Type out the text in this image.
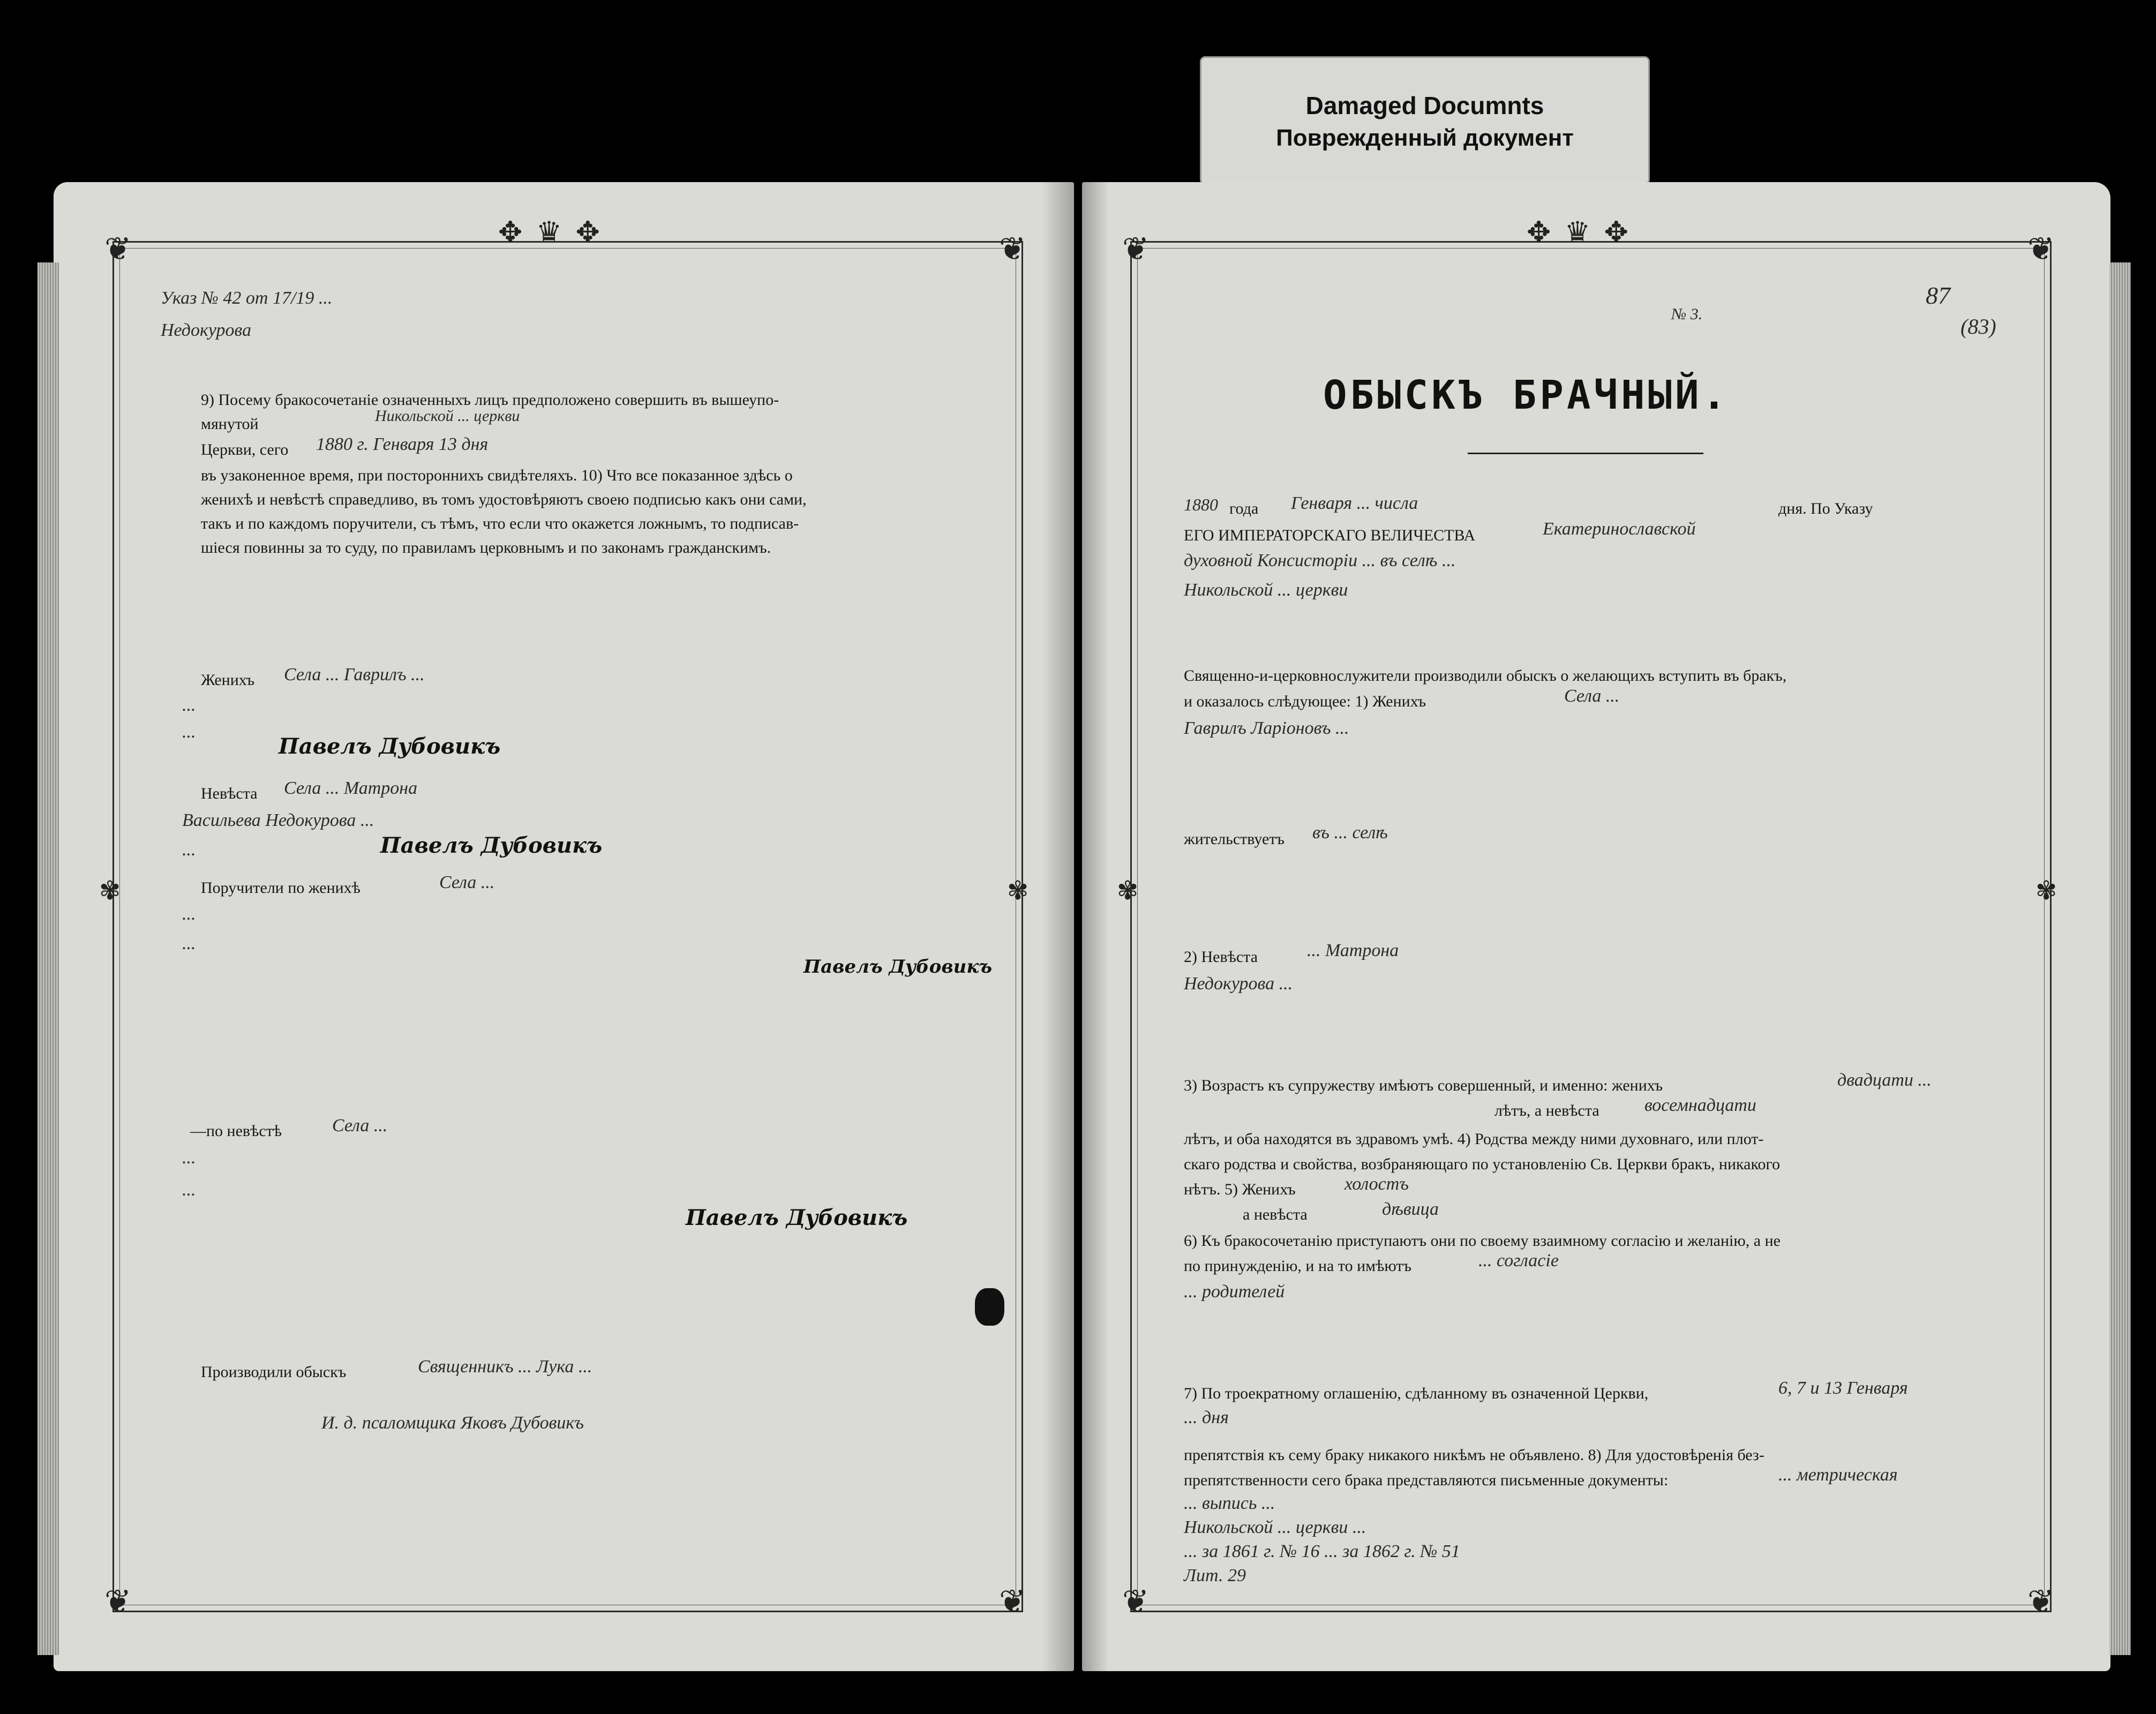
Damaged Documnts
Поврежденный документ
❦	❦
❦	❦
✥ ♛ ✥
✾	✾
Указ № 42 от 17/19 ...
Недокурова
9) Посему бракосочетаніе означенныхъ лицъ предположено совершить въ вышеупо-
мянутой	Никольской ... церкви
Церкви, сего 1880 г. Генваря 13 дня
въ узаконенное время, при постороннихъ свидѣтеляхъ. 10) Что все показанное здѣсь о
женихѣ и невѣстѣ справедливо, въ томъ удостовѣряютъ своею подписью какъ они сами,
такъ и по каждомъ поручители, съ тѣмъ, что если что окажется ложнымъ, то подписав-
шіеся повинны за то суду, по правиламъ церковнымъ и по законамъ гражданскимъ.
Женихъ Села ... Гаврилъ ...
...
...
Павелъ Дубовикъ
Невѣста Села ... Матрона
Васильева Недокурова ...
...	Павелъ Дубовикъ
Поручители по женихѣ	Села ...
...
...
Павелъ Дубовикъ
—по невѣстѣ	Села ...
...
...
Павелъ Дубовикъ
Производили обыскъ	Священникъ ... Лука ...
И. д. псаломщика Яковъ Дубовикъ
❦	❦
❦	❦
✥ ♛ ✥
✾	✾
№ 3.
87
(83)
ОБЫСКЪ БРАЧНЫЙ.
1880 года Генваря ... числа	дня. По Указу
ЕГО ИМПЕРАТОРСКАГО ВЕЛИЧЕСТВА	Екатеринославской
духовной Консисторіи ... въ селѣ ...
Никольской ... церкви
Священно-и-церковнослужители производили обыскъ о желающихъ вступить въ бракъ,
и оказалось слѣдующее: 1) Женихъ	Села ...
Гаврилъ Ларіоновъ ...
жительствуетъ въ ... селѣ
2) Невѣста	... Матрона
Недокурова ...
3) Возрастъ къ супружеству имѣютъ совершенный, и именно: женихъ	двадцати ...
лѣтъ, а невѣста восемнадцати
лѣтъ, и оба находятся въ здравомъ умѣ. 4) Родства между ними духовнаго, или плот-
скаго родства и свойства, возбраняющаго по установленію Св. Церкви бракъ, никакого
нѣтъ. 5) Женихъ	холостъ
а невѣста	дѣвица
6) Къ бракосочетанію приступаютъ они по своему взаимному согласію и желанію, а не
по принужденію, и на то имѣютъ	... согласіе
... родителей
7) По троекратному оглашенію, сдѣланному въ означенной Церкви,	6, 7 и 13 Генваря
... дня
препятствія къ сему браку никакого никѣмъ не объявлено. 8) Для удостовѣренія без-
препятственности сего брака представляются письменные документы:	... метрическая
... выпись ...
Никольской ... церкви ...
... за 1861 г. № 16 ... за 1862 г. № 51
Лит. 29
